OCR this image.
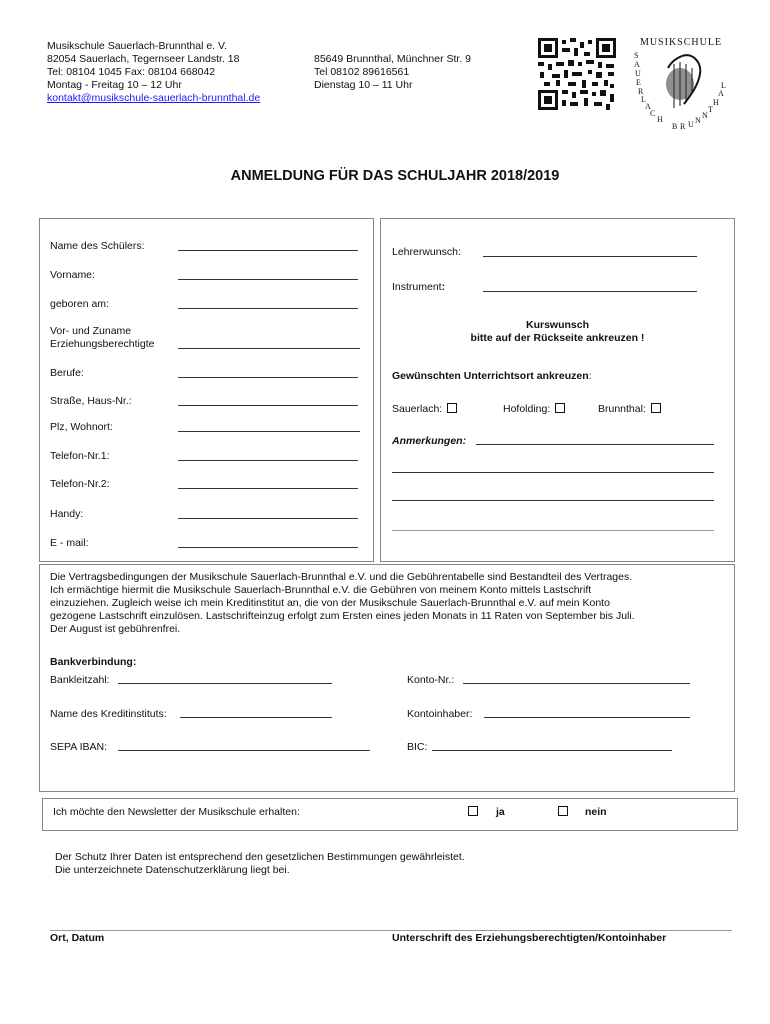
Musikschule Sauerlach-Brunnthal e. V.
82054 Sauerlach, Tegernseer Landstr. 18
Tel: 08104 1045 Fax: 08104 668042
Montag - Freitag 10 – 12 Uhr
kontakt@musikschule-sauerlach-brunnthal.de
85649 Brunnthal, Münchner Str. 9
Tel 08102 89616561
Dienstag 10 – 11 Uhr
MUSIKSCHULE
S A U E R LACH B R UNNTHAL
ANMELDUNG FÜR DAS SCHULJAHR 2018/2019
Name des Schülers:
Vorname:
geboren am:
Vor- und Zuname
Erziehungsberechtigte
Berufe:
Straße, Haus-Nr.:
Plz, Wohnort:
Telefon-Nr.1:
Telefon-Nr.2:
Handy:
E - mail:
Lehrerwunsch:
Instrument:
Kurswunsch
bitte auf der Rückseite ankreuzen !
Gewünschten Unterrichtsort ankreuzen:
Sauerlach:	Hofolding:	Brunnthal:
Anmerkungen:
Die Vertragsbedingungen der Musikschule Sauerlach-Brunnthal e.V. und die Gebührentabelle sind Bestandteil des Vertrages.
Ich ermächtige hiermit die Musikschule Sauerlach-Brunnthal e.V. die Gebühren von meinem Konto mittels Lastschrift
einzuziehen. Zugleich weise ich mein Kreditinstitut an, die von der Musikschule Sauerlach-Brunnthal e.V. auf mein Konto
gezogene Lastschrift einzulösen. Lastschrifteinzug erfolgt zum Ersten eines jeden Monats in 11 Raten von September bis Juli.
Der August ist gebührenfrei.
Bankverbindung:
Bankleitzahl:	Konto-Nr.:
Name des Kreditinstituts:	Kontoinhaber:
SEPA IBAN:	BIC:
Ich möchte den Newsletter der Musikschule erhalten:	ja	nein
Der Schutz Ihrer Daten ist entsprechend den gesetzlichen Bestimmungen gewährleistet.
Die unterzeichnete Datenschutzerklärung liegt bei.
Ort, Datum	Unterschrift des Erziehungsberechtigten/Kontoinhaber
